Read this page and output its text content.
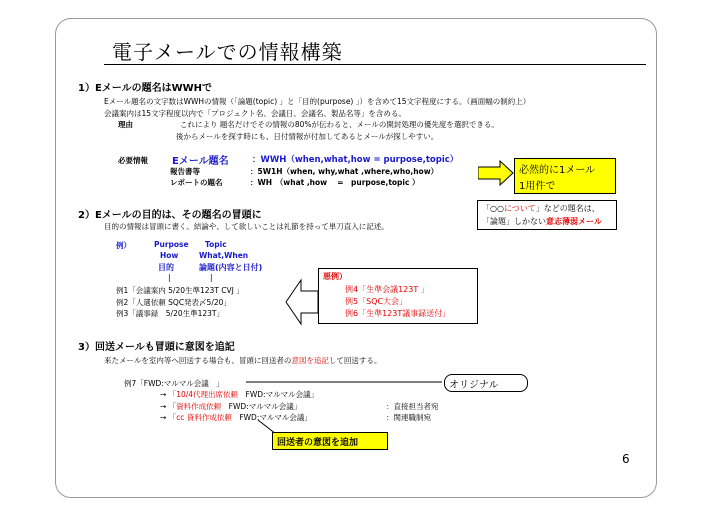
電子メールでの情報構築
1）Eメールの題名はWWHで
Eメール題名の文字数はWWHの情報（「論題(topic) 」と「目的(purpose) 」）を含めて15文字程度にする。（画面幅の制約上）
会議案内は15文字程度以内で「プロジェクト名、会議日、会議名、製品名等」を含める。
理由	これにより 題名だけでその情報の80%が伝わると、メールの開封処理の優先度を選択できる。
後からメールを探す時にも、日付情報が付加してあるとメールが探しやすい。
必要情報 Eメール題名	：WWH（when,what,how = purpose,topic）
報告書等	：5W1H（when, why,what ,where,who,how）
レポートの題名	：WH　（what ,how　 =　purpose,topic ）
必然的に1メール
1用件で
2）Eメールの目的は、その題名の冒頭に
目的の情報は冒頭に書く。結論や、して欲しいことは礼節を持って単刀直入に記述。
「○○について」などの題名は、
「論題」しかない意志薄弱メール
例）	Purpose Topic
How	What,When
目的	論題(内容と日付)
|	|
例1「会議案内 5/20生準123T CVJ 」
例2「人選依頼 SQC発表〆5/20」
例3「議事録　5/20生準123T」
悪例）
例4「生準会議123T 」
例5「SQC大会」
例6「生準123T議事録送付」
3）回送メールも冒頭に意図を追記
来たメールを室内等へ回送する場合も、冒頭に回送者の意図を追記して回送する。
例7「FWD:マルマル会議　」	オリジナル
→ 「10/4代理出席依頼　FWD:マルマル会議」
→ 「資料作成依頼　FWD:マルマル会議」	：直接担当者宛
→ 「cc 資料作成依頼　FWD:マルマル会議」	：関連職制宛
回送者の意図を追加
6
